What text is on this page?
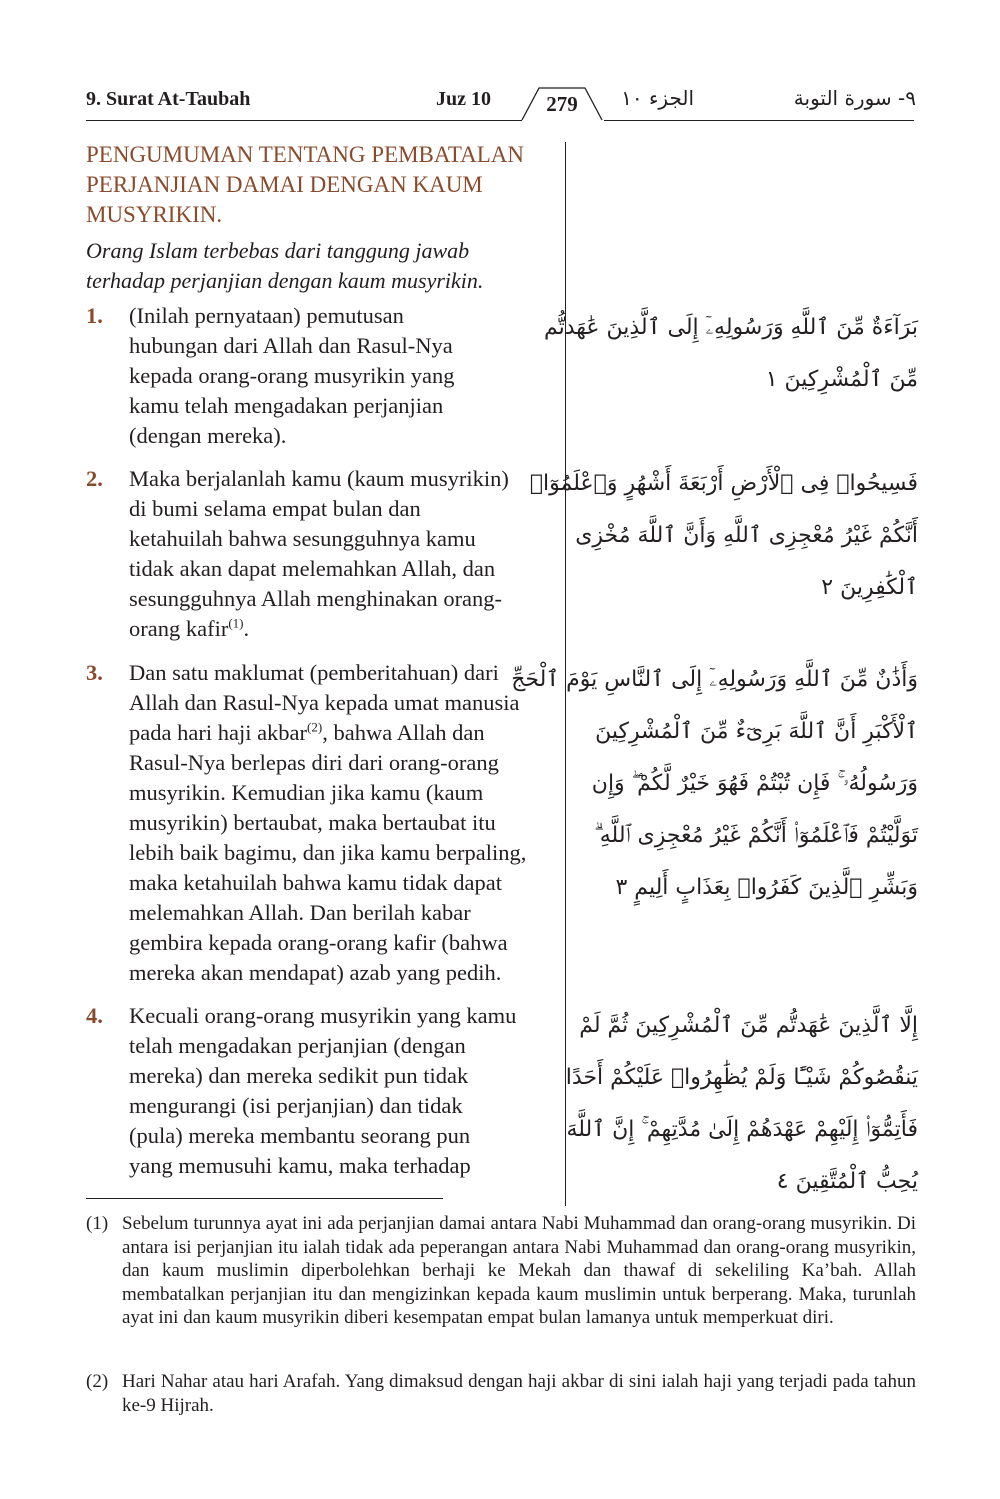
9. Surat At-Taubah	Juz 10	279	الجزء ١٠	٩- سورة التوبة
PENGUMUMAN TENTANG PEMBATALAN
PERJANJIAN DAMAI DENGAN KAUM
MUSYRIKIN.
Orang Islam terbebas dari tanggung jawab
terhadap perjanjian dengan kaum musyrikin.
1. (Inilah pernyataan) pemutusan
hubungan dari Allah dan Rasul-Nya
kepada orang-orang musyrikin yang
kamu telah mengadakan perjanjian
(dengan mereka).
بَرَآءَةٌ مِّنَ ٱللَّهِ وَرَسُولِهِۦٓ إِلَى ٱلَّذِينَ عَٰهَدتُّم
مِّنَ ٱلْمُشْرِكِينَ ١
2. Maka berjalanlah kamu (kaum musyrikin)
di bumi selama empat bulan dan
ketahuilah bahwa sesungguhnya kamu
tidak akan dapat melemahkan Allah, dan
sesungguhnya Allah menghinakan orang-
orang kafir$^{(1)}$.
فَسِيحُوا۟ فِى ٱلْأَرْضِ أَرْبَعَةَ أَشْهُرٍ وَٱعْلَمُوٓا۟
أَنَّكُمْ غَيْرُ مُعْجِزِى ٱللَّهِ وَأَنَّ ٱللَّهَ مُخْزِى
ٱلْكَٰفِرِينَ ٢
3. Dan satu maklumat (pemberitahuan) dari
Allah dan Rasul-Nya kepada umat manusia
pada hari haji akbar$^{(2)}$, bahwa Allah dan
Rasul-Nya berlepas diri dari orang-orang
musyrikin. Kemudian jika kamu (kaum
musyrikin) bertaubat, maka bertaubat itu
lebih baik bagimu, dan jika kamu berpaling,
maka ketahuilah bahwa kamu tidak dapat
melemahkan Allah. Dan berilah kabar
gembira kepada orang-orang kafir (bahwa
mereka akan mendapat) azab yang pedih.
وَأَذَٰنٌ مِّنَ ٱللَّهِ وَرَسُولِهِۦٓ إِلَى ٱلنَّاسِ يَوْمَ ٱلْحَجِّ
ٱلْأَكْبَرِ أَنَّ ٱللَّهَ بَرِىٓءٌ مِّنَ ٱلْمُشْرِكِينَ
وَرَسُولُهُۥ ۚ فَإِن تُبْتُمْ فَهُوَ خَيْرٌ لَّكُمْ ۖ وَإِن
تَوَلَّيْتُمْ فَٱعْلَمُوٓا۟ أَنَّكُمْ غَيْرُ مُعْجِزِى ٱللَّهِ ۗ
وَبَشِّرِ ٱلَّذِينَ كَفَرُوا۟ بِعَذَابٍ أَلِيمٍ ٣
4. Kecuali orang-orang musyrikin yang kamu
telah mengadakan perjanjian (dengan
mereka) dan mereka sedikit pun tidak
mengurangi (isi perjanjian) dan tidak
(pula) mereka membantu seorang pun
yang memusuhi kamu, maka terhadap
إِلَّا ٱلَّذِينَ عَٰهَدتُّم مِّنَ ٱلْمُشْرِكِينَ ثُمَّ لَمْ
يَنقُصُوكُمْ شَيْـًٔا وَلَمْ يُظَٰهِرُوا۟ عَلَيْكُمْ أَحَدًا
فَأَتِمُّوٓا۟ إِلَيْهِمْ عَهْدَهُمْ إِلَىٰ مُدَّتِهِمْ ۚ إِنَّ ٱللَّهَ
يُحِبُّ ٱلْمُتَّقِينَ ٤
(1) Sebelum turunnya ayat ini ada perjanjian damai antara Nabi Muhammad dan orang-orang musyrikin. Di antara isi perjanjian itu ialah tidak ada peperangan antara Nabi Muhammad dan orang-orang musyrikin, dan kaum muslimin diperbolehkan berhaji ke Mekah dan thawaf di sekeliling Ka’bah. Allah membatalkan perjanjian itu dan mengizinkan kepada kaum muslimin untuk berperang. Maka, turunlah ayat ini dan kaum musyrikin diberi kesempatan empat bulan lamanya untuk memperkuat diri.
(2) Hari Nahar atau hari Arafah. Yang dimaksud dengan haji akbar di sini ialah haji yang terjadi pada tahun ke-9 Hijrah.
